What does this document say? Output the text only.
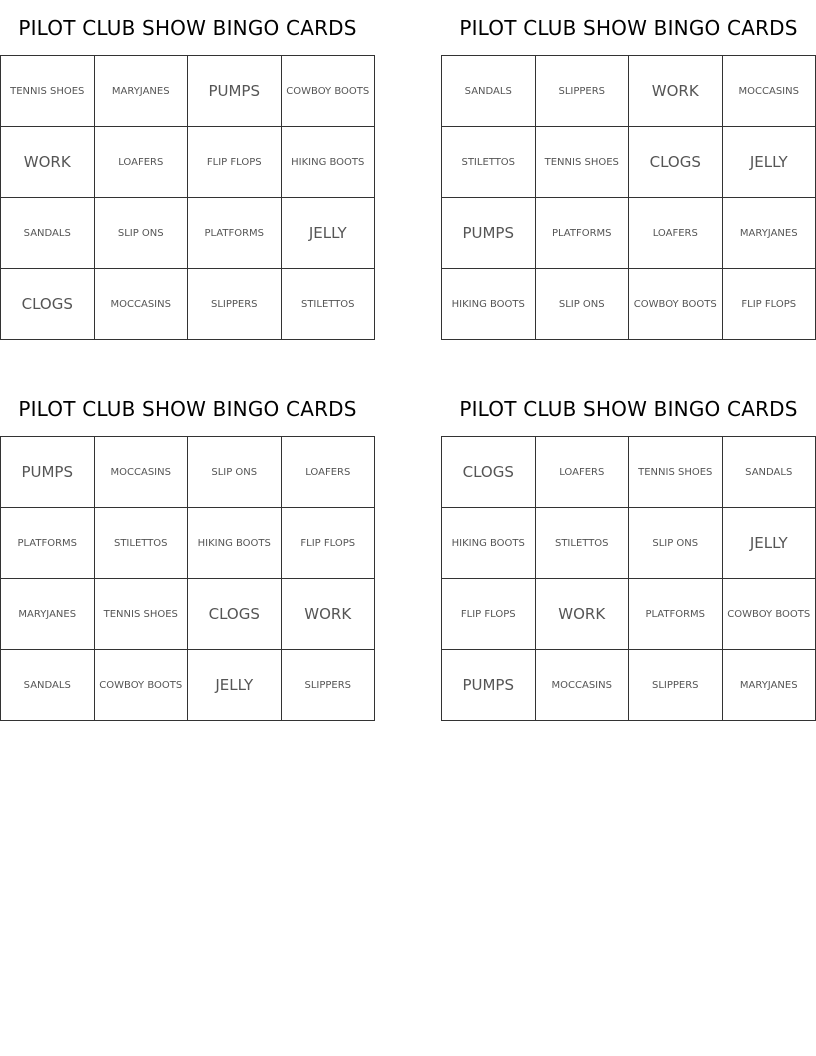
PILOT CLUB SHOW BINGO CARDS
TENNIS SHOES	MARYJANES	PUMPS	COWBOY BOOTS
WORK	LOAFERS	FLIP FLOPS	HIKING BOOTS
SANDALS	SLIP ONS	PLATFORMS	JELLY
CLOGS	MOCCASINS	SLIPPERS	STILETTOS
PILOT CLUB SHOW BINGO CARDS
SANDALS	SLIPPERS	WORK	MOCCASINS
STILETTOS	TENNIS SHOES	CLOGS	JELLY
PUMPS	PLATFORMS	LOAFERS	MARYJANES
HIKING BOOTS	SLIP ONS	COWBOY BOOTS	FLIP FLOPS
PILOT CLUB SHOW BINGO CARDS
PUMPS	MOCCASINS	SLIP ONS	LOAFERS
PLATFORMS	STILETTOS	HIKING BOOTS	FLIP FLOPS
MARYJANES	TENNIS SHOES	CLOGS	WORK
SANDALS	COWBOY BOOTS	JELLY	SLIPPERS
PILOT CLUB SHOW BINGO CARDS
CLOGS	LOAFERS	TENNIS SHOES	SANDALS
HIKING BOOTS	STILETTOS	SLIP ONS	JELLY
FLIP FLOPS	WORK	PLATFORMS	COWBOY BOOTS
PUMPS	MOCCASINS	SLIPPERS	MARYJANES
